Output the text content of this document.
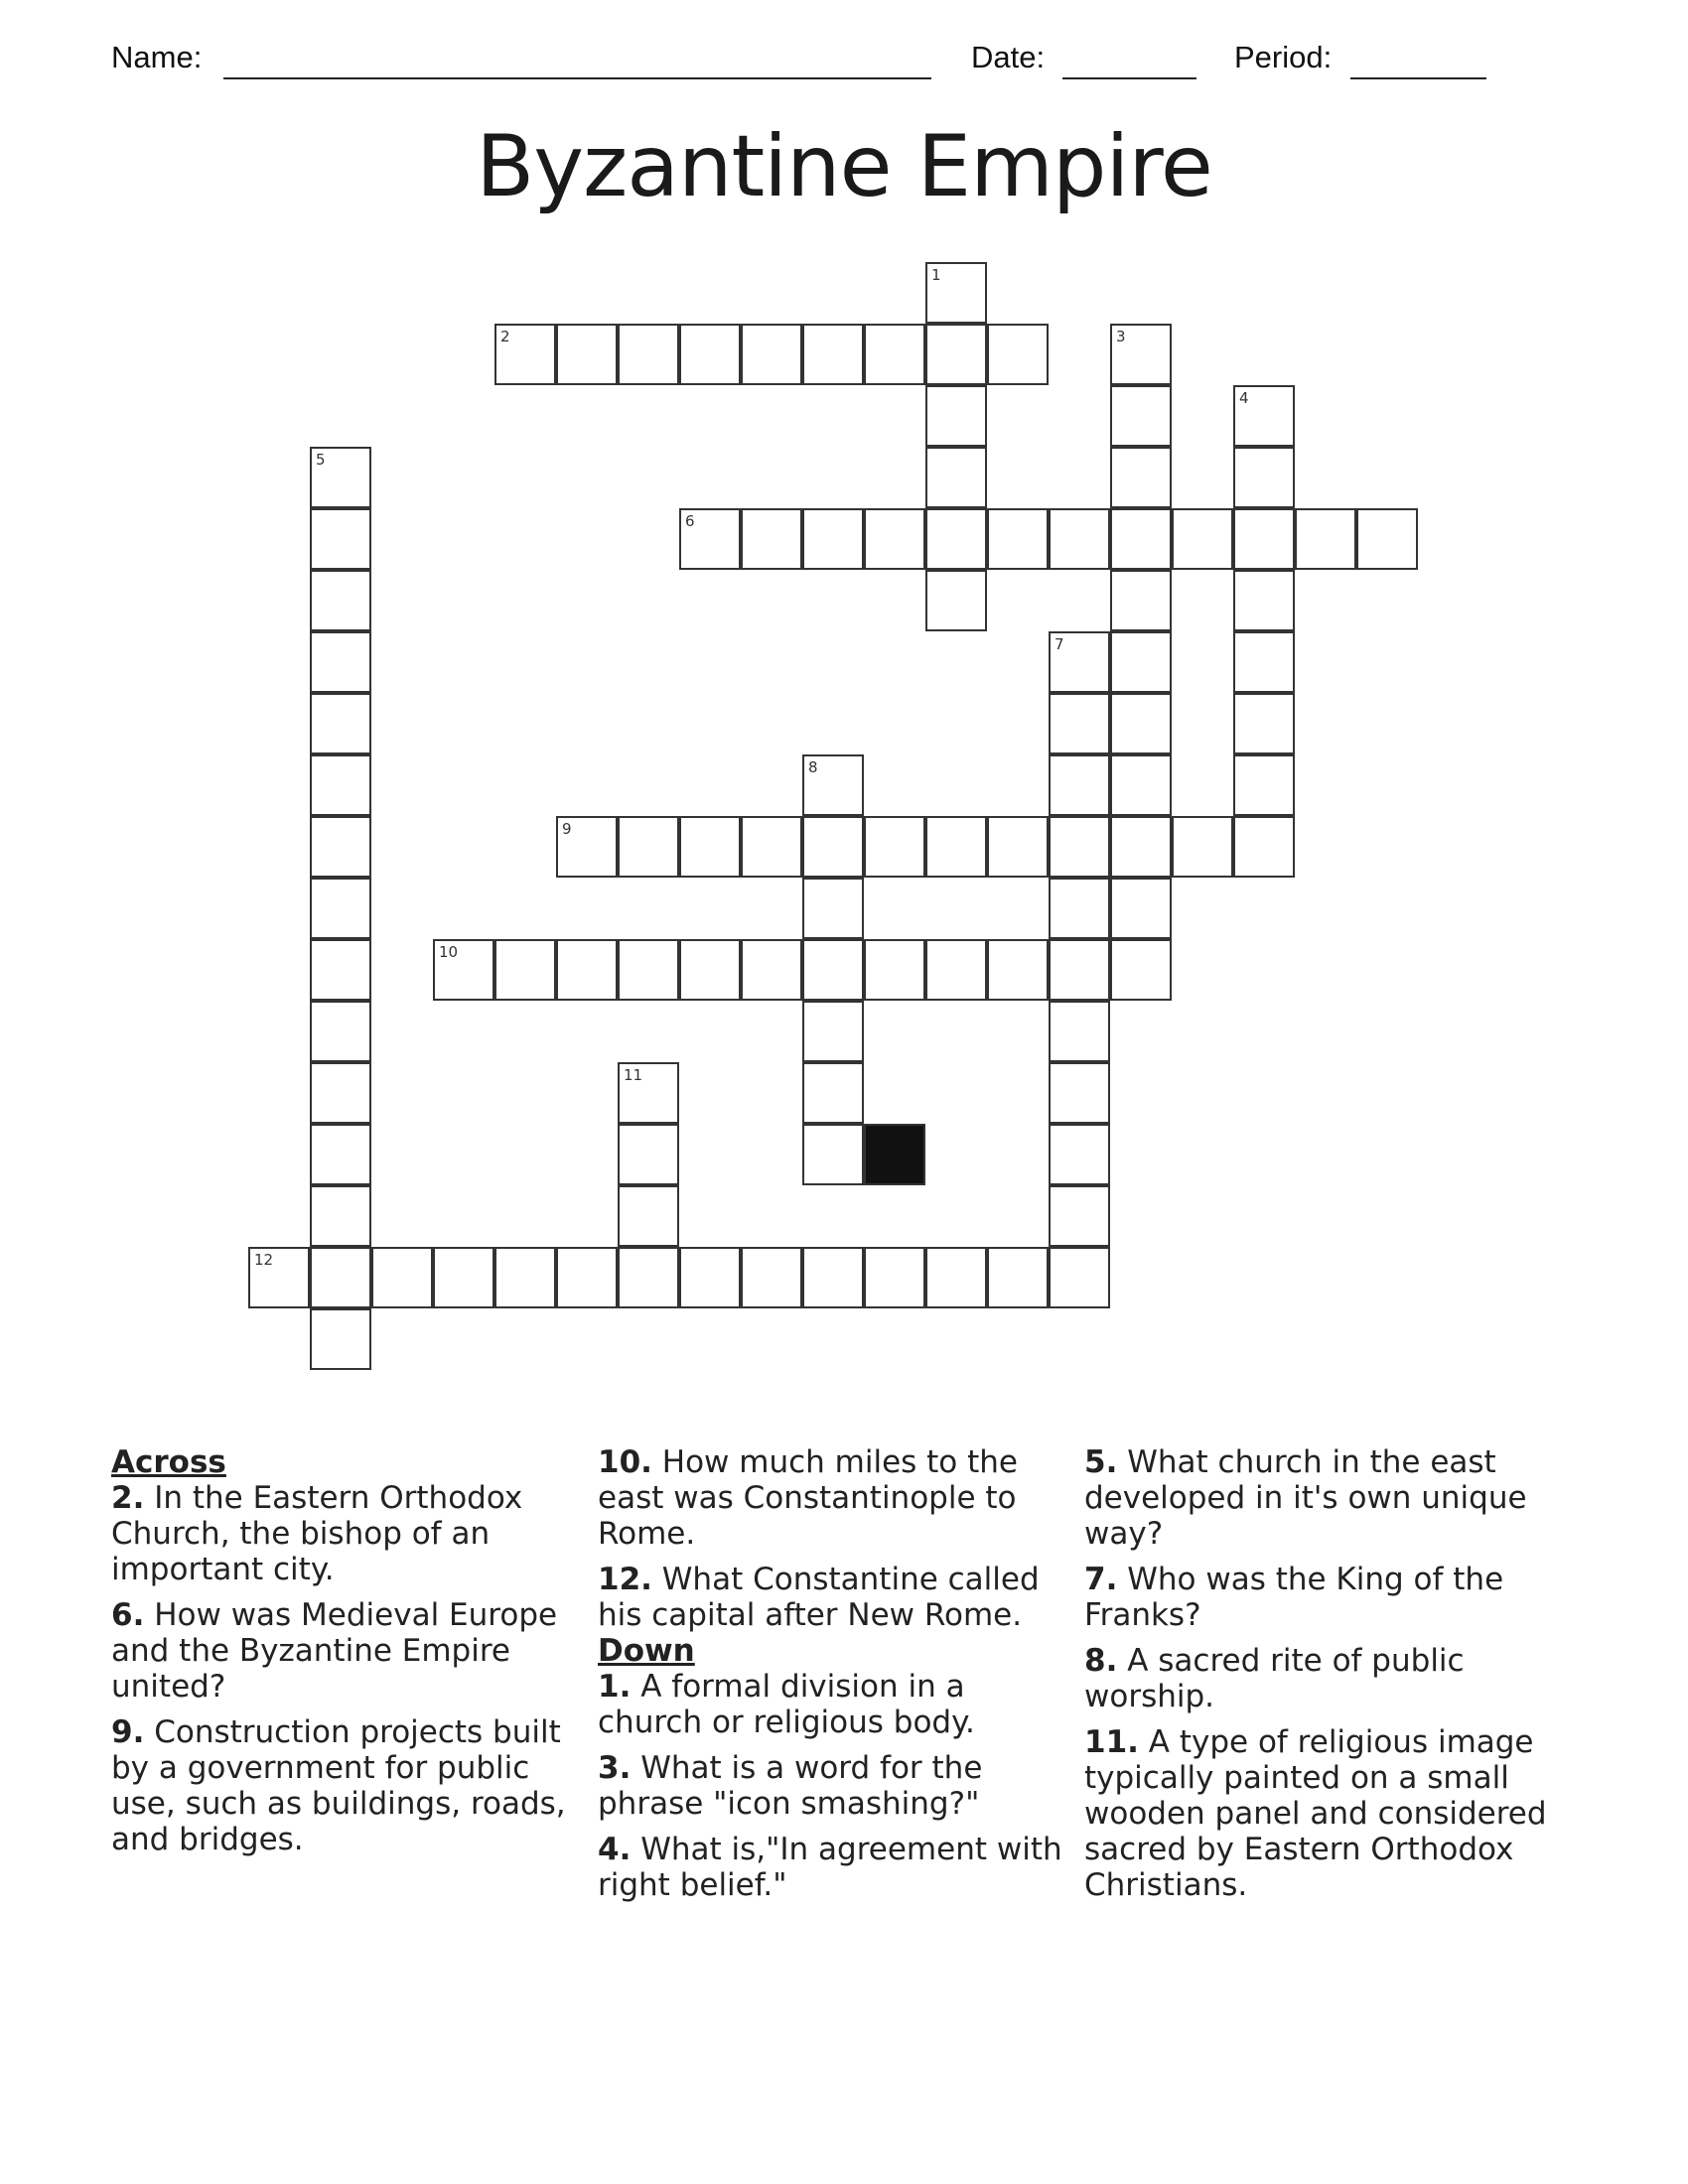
Name:	Date:	Period:
Byzantine Empire
2
6
9
10
12
1
3
4
5
7
8
11

Across

2. In the Eastern Orthodox Church, the bishop of an important city.

6. How was Medieval Europe and the Byzantine Empire united?

9. Construction projects built by a government for public use, such as buildings, roads, and bridges.

10. How much miles to the east was Constantinople to Rome.

12. What Constantine called his capital after New Rome.

Down

1. A formal division in a church or religious body.

3. What is a word for the phrase "icon smashing?"

4. What is,"In agreement with right belief."

5. What church in the east developed in it's own unique way?

7. Who was the King of the Franks?

8. A sacred rite of public worship.

11. A type of religious image typically painted on a small wooden panel and considered sacred by Eastern Orthodox Christians.
